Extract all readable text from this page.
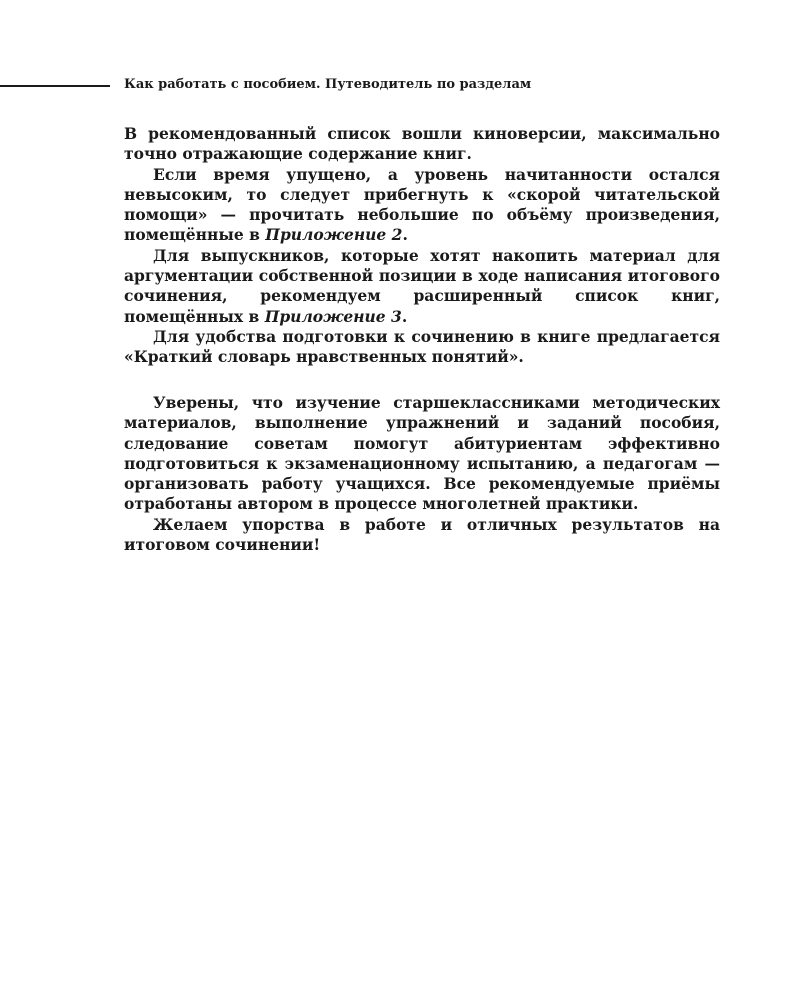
Как работать с пособием. Путеводитель по разделам

В рекомендованный список вошли киноверсии, максимально точно отражающие содержание книг.

Если время упущено, а уровень начитанности остался невысоким, то следует прибегнуть к «скорой читательской помощи» — прочитать небольшие по объёму произведения, помещённые в Приложение 2.

Для выпускников, которые хотят накопить материал для аргументации собственной позиции в ходе написания итогового сочинения, рекомендуем расширенный список книг, помещённых в Приложение 3.

Для удобства подготовки к сочинению в книге предлагается «Краткий словарь нравственных понятий».

Уверены, что изучение старшеклассниками методических материалов, выполнение упражнений и заданий пособия, следование советам помогут абитуриентам эффективно подготовиться к экзаменационному испытанию, а педагогам — организовать работу учащихся. Все рекомендуемые приёмы отработаны автором в процессе многолетней практики.

Желаем упорства в работе и отличных результатов на итоговом сочинении!
